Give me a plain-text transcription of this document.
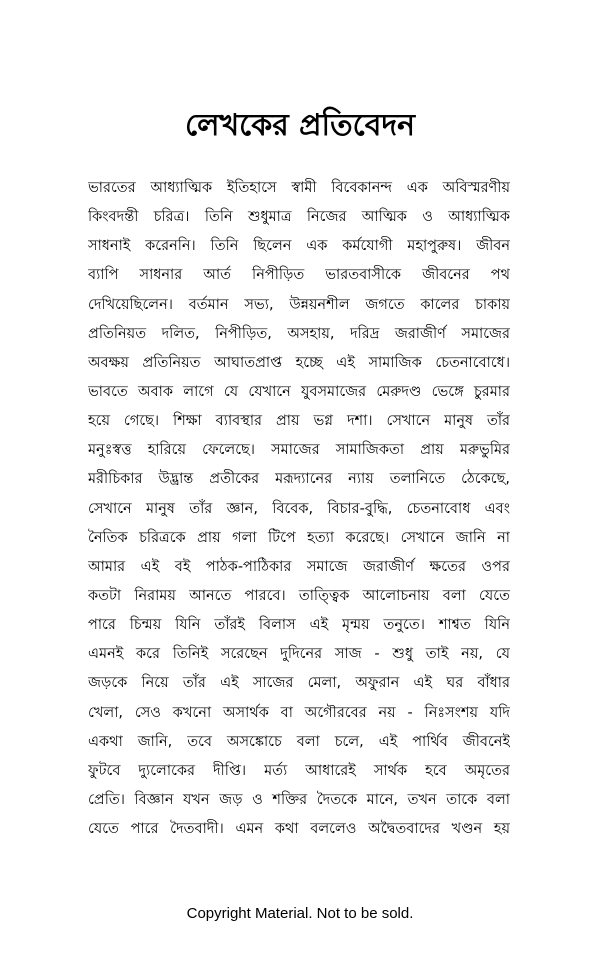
লেখকের প্রতিবেদন
ভারতের আধ্যাত্মিক ইতিহাসে স্বামী বিবেকানন্দ এক অবিস্মরণীয়
কিংবদন্তী চরিত্র। তিনি শুধুমাত্র নিজের আত্মিক ও আধ্যাত্মিক
সাধনাই করেননি। তিনি ছিলেন এক কর্মযোগী মহাপুরুষ। জীবন
ব্যাপি সাধনার আর্ত নিপীড়িত ভারতবাসীকে জীবনের পথ
দেখিয়েছিলেন। বর্তমান সভ্য, উন্নয়নশীল জগতে কালের চাকায়
প্রতিনিয়ত দলিত, নিপীড়িত, অসহায়, দরিদ্র জরাজীর্ণ সমাজের
অবক্ষয় প্রতিনিয়ত আঘাতপ্রাপ্ত হচ্ছে এই সামাজিক চেতনাবোধে।
ভাবতে অবাক লাগে যে যেখানে যুবসমাজের মেরুদণ্ড ভেঙ্গে চুরমার
হয়ে গেছে। শিক্ষা ব্যাবস্থার প্রায় ভগ্ন দশা। সেখানে মানুষ তাঁর
মনুঃস্বত্ত হারিয়ে ফেলেছে। সমাজের সামাজিকতা প্রায় মরুভুমির
মরীচিকার উদ্ভ্রান্ত প্রতীকের মরূদ্যানের ন্যায় তলানিতে ঠেকেছে,
সেখানে মানুষ তাঁর জ্ঞান, বিবেক, বিচার-বুদ্ধি, চেতনাবোধ এবং
নৈতিক চরিত্রকে প্রায় গলা টিপে হত্যা করেছে। সেখানে জানি না
আমার এই বই পাঠক-পাঠিকার সমাজে জরাজীর্ণ ক্ষতের ওপর
কতটা নিরাময় আনতে পারবে। তাত্ত্বিক আলোচনায় বলা যেতে
পারে চিন্ময় যিনি তাঁরই বিলাস এই মৃন্ময় তনুতে। শাশ্বত যিনি
এমনই করে তিনিই সরেছেন দুদিনের সাজ - শুধু তাই নয়, যে
জড়কে নিয়ে তাঁর এই সাজের মেলা, অফুরান এই ঘর বাঁধার
খেলা, সেও কখনো অসার্থক বা অগৌরবের নয় - নিঃসংশয় যদি
একথা জানি, তবে অসঙ্কোচে বলা চলে, এই পার্থিব জীবনেই
ফুটবে দ্যুলোকের দীপ্তি। মর্ত্য আধারেই সার্থক হবে অমৃতের
প্রেতি। বিজ্ঞান যখন জড় ও শক্তির দৈতকে মানে, তখন তাকে বলা
যেতে পারে দৈতবাদী। এমন কথা বললেও অদ্বৈতবাদের খণ্ডন হয়

Copyright Material. Not to be sold.
